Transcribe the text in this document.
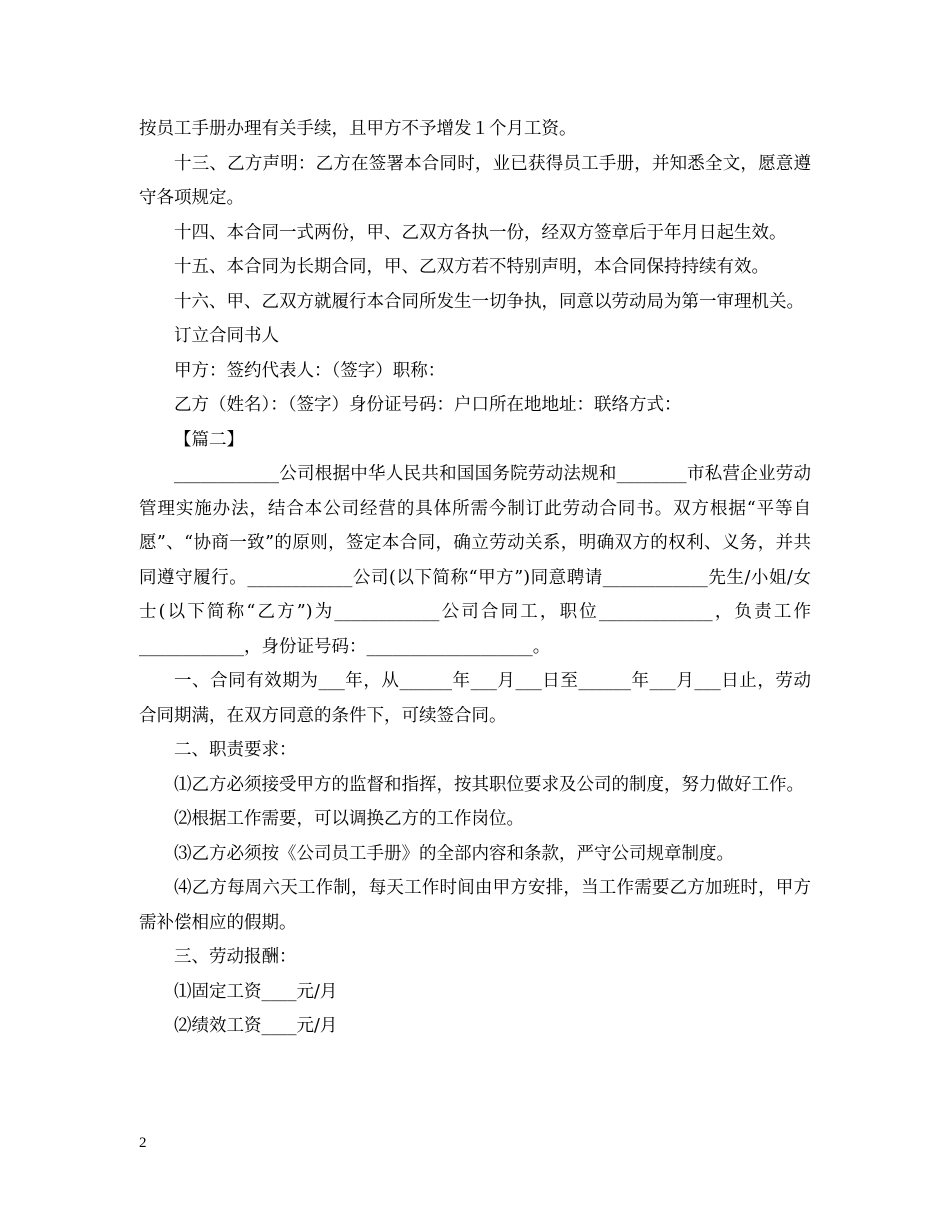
按员工手册办理有关手续，且甲方不予增发１个月工资。

十三、乙方声明：乙方在签署本合同时，业已获得员工手册，并知悉全文，愿意遵守各项规定。

十四、本合同一式两份，甲、乙双方各执一份，经双方签章后于年月日起生效。

十五、本合同为长期合同，甲、乙双方若不特别声明，本合同保持持续有效。

十六、甲、乙双方就履行本合同所发生一切争执，同意以劳动局为第一审理机关。

订立合同书人

甲方：签约代表人：（签字）职称：

乙方（姓名）：（签字）身份证号码：户口所在地地址：联络方式：

【篇二】

____________公司根据中华人民共和国国务院劳动法规和________市私营企业劳动管理实施办法，结合本公司经营的具体所需今制订此劳动合同书。双方根据“平等自愿”、“协商一致”的原则，签定本合同，确立劳动关系，明确双方的权利、义务，并共同遵守履行。____________公司(以下简称“甲方”)同意聘请____________先生/小姐/女士(以下简称“乙方”)为____________公司合同工，职位_____________，负责工作____________，身份证号码：___________________。

一、合同有效期为___年，从______年___月___日至______年___月___日止，劳动合同期满，在双方同意的条件下，可续签合同。

二、职责要求：

⑴乙方必须接受甲方的监督和指挥，按其职位要求及公司的制度，努力做好工作。

⑵根据工作需要，可以调换乙方的工作岗位。

⑶乙方必须按《公司员工手册》的全部内容和条款，严守公司规章制度。

⑷乙方每周六天工作制，每天工作时间由甲方安排，当工作需要乙方加班时，甲方需补偿相应的假期。

三、劳动报酬：

⑴固定工资____元/月

⑵绩效工资____元/月

2
